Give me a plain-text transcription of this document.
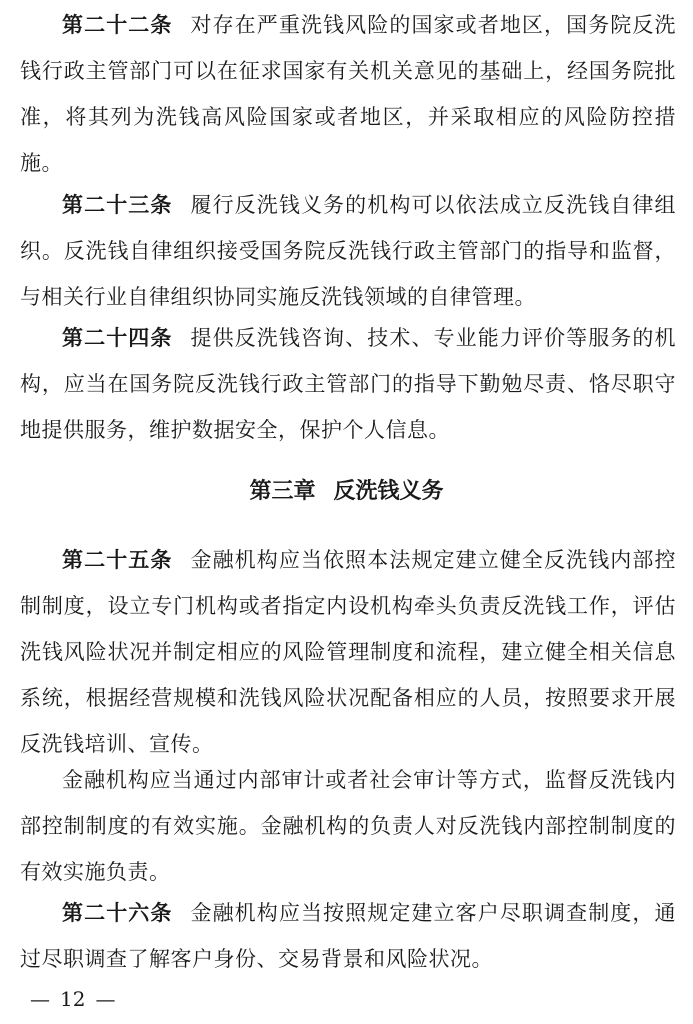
第二十二条 对存在严重洗钱风险的国家或者地区，国务院反洗钱行政主管部门可以在征求国家有关机关意见的基础上，经国务院批准，将其列为洗钱高风险国家或者地区，并采取相应的风险防控措施。

第二十三条 履行反洗钱义务的机构可以依法成立反洗钱自律组织。反洗钱自律组织接受国务院反洗钱行政主管部门的指导和监督，与相关行业自律组织协同实施反洗钱领域的自律管理。

第二十四条 提供反洗钱咨询、技术、专业能力评价等服务的机构，应当在国务院反洗钱行政主管部门的指导下勤勉尽责、恪尽职守地提供服务，维护数据安全，保护个人信息。

第三章 反洗钱义务

第二十五条 金融机构应当依照本法规定建立健全反洗钱内部控制制度，设立专门机构或者指定内设机构牵头负责反洗钱工作，评估洗钱风险状况并制定相应的风险管理制度和流程，建立健全相关信息系统，根据经营规模和洗钱风险状况配备相应的人员，按照要求开展反洗钱培训、宣传。

金融机构应当通过内部审计或者社会审计等方式，监督反洗钱内部控制制度的有效实施。金融机构的负责人对反洗钱内部控制制度的有效实施负责。

第二十六条 金融机构应当按照规定建立客户尽职调查制度，通过尽职调查了解客户身份、交易背景和风险状况。

— 12 —
